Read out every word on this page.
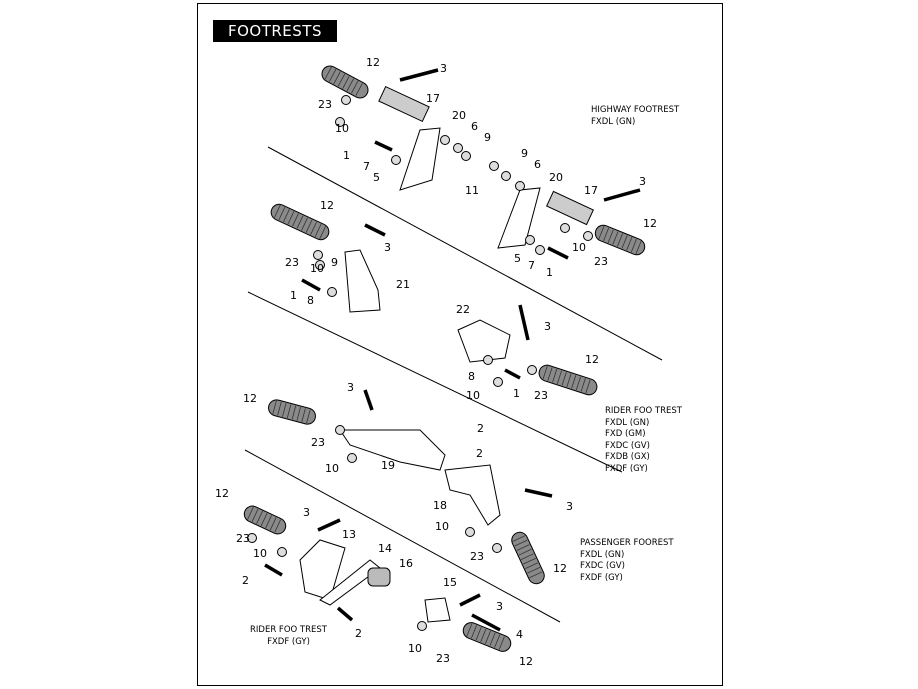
FOOTRESTS
12	3
17
23
10
20
6
9
1
7
5
11
9
6
20
17
3
12
10
23
5
7
1
12
3
23 10 9
21
1 8
22
3
12
8
10	1 23
3
12
2
23
2
10	19
18	3
10
23
12
12
3
23	13
10	14
16
2	15
3
4
2
10
23	12
HIGHWAY FOOTREST
FXDL (GN)
RIDER FOO TREST
FXDL (GN)
FXD (GM)
FXDC (GV)
FXDB (GX)
FXDF (GY)
PASSENGER FOOREST
FXDL (GN)
FXDC (GV)
FXDF (GY)
RIDER FOO TREST
FXDF (GY)
